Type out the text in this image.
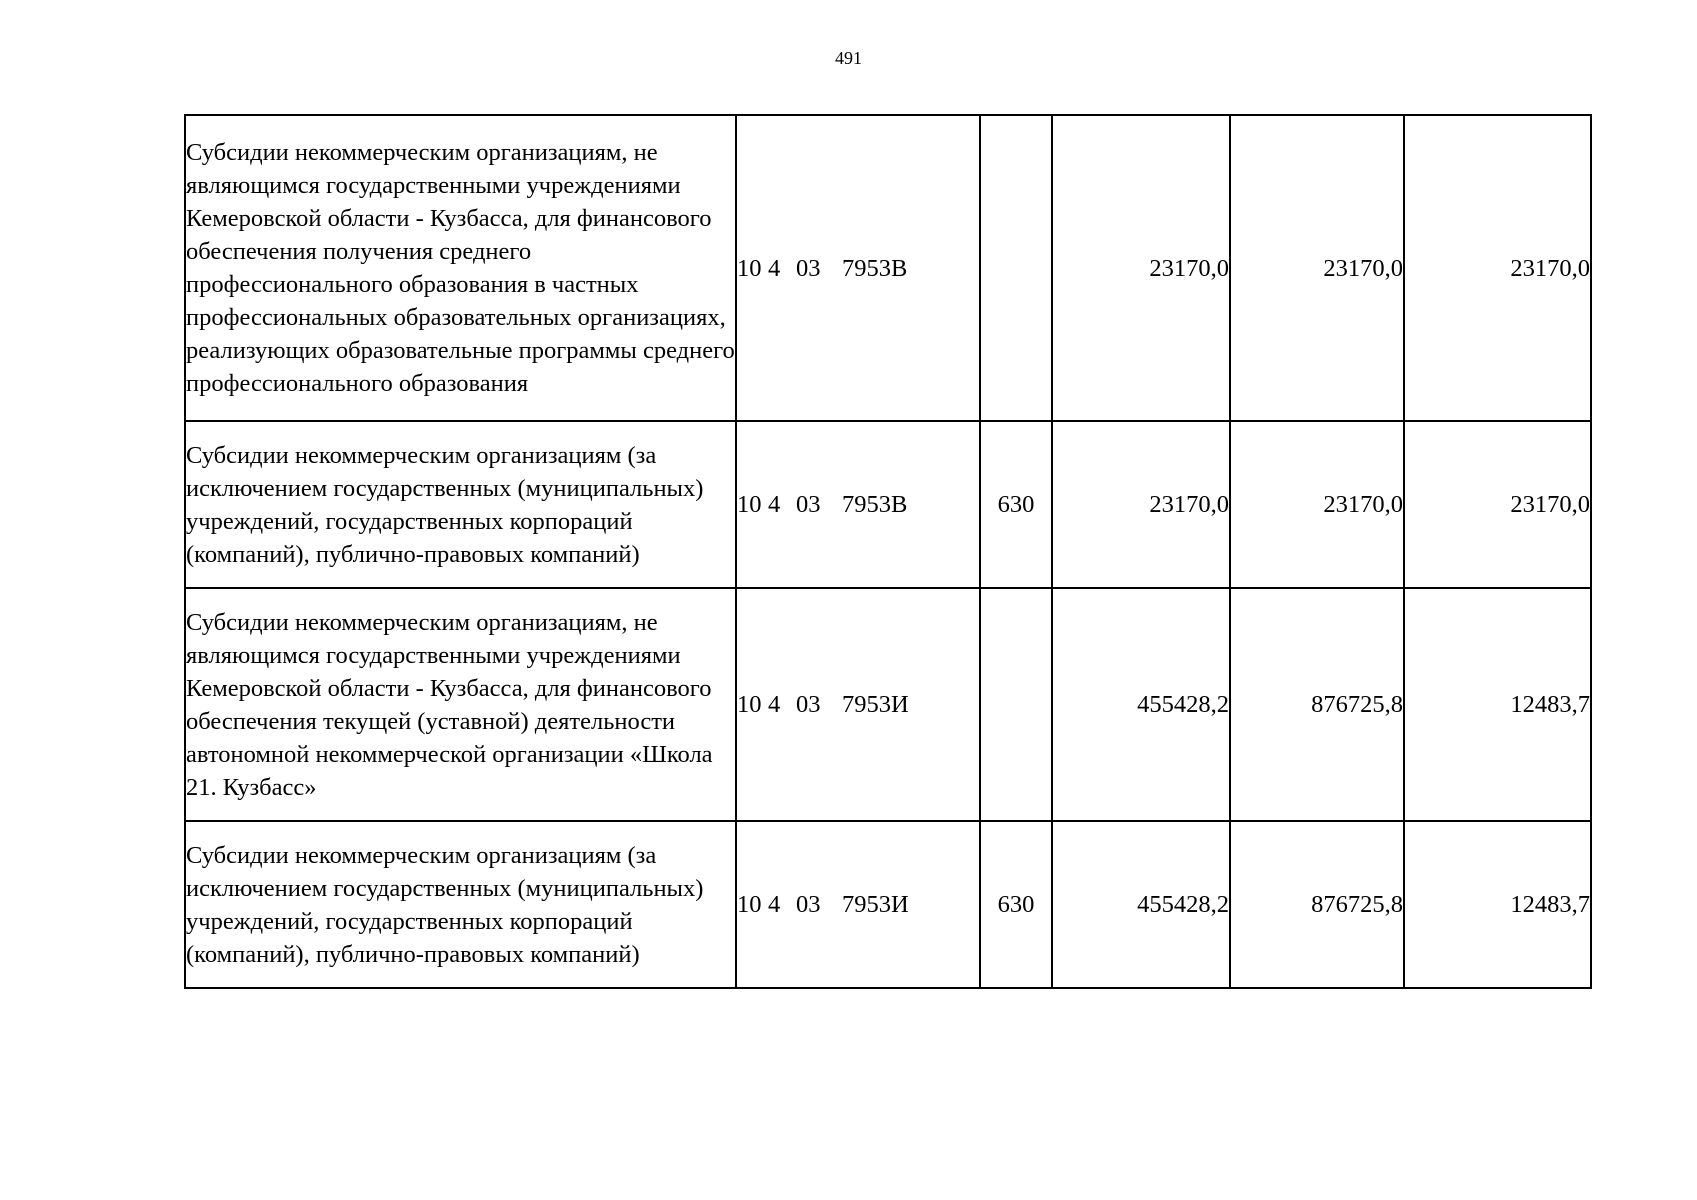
491
Субсидии некоммерческим организациям, не являющимся государственными учреждениями Кемеровской области - Кузбасса, для финансового обеспечения получения среднего профессионального образования в частных профессиональных образовательных организациях, реализующих образовательные программы среднего профессионального образования	10 4 03 7953В		23170,0	23170,0	23170,0
Субсидии некоммерческим организациям (за исключением государственных (муниципальных) учреждений, государственных корпораций (компаний), публично-правовых компаний)	10 4 03 7953В	630	23170,0	23170,0	23170,0
Субсидии некоммерческим организациям, не являющимся государственными учреждениями Кемеровской области - Кузбасса, для финансового обеспечения текущей (уставной) деятельности автономной некоммерческой организации «Школа 21. Кузбасс»	10 4 03 7953И		455428,2	876725,8	12483,7
Субсидии некоммерческим организациям (за исключением государственных (муниципальных) учреждений, государственных корпораций (компаний), публично-правовых компаний)	10 4 03 7953И	630	455428,2	876725,8	12483,7
